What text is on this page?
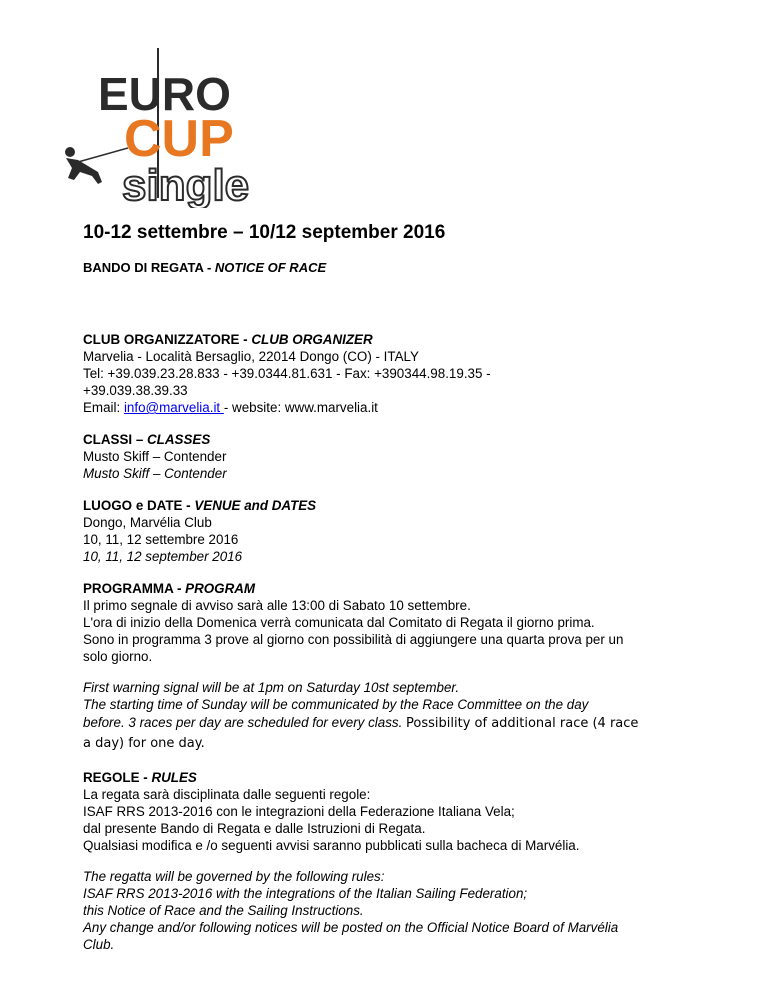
EURO
CUP
single
10-12 settembre – 10/12 september 2016
BANDO DI REGATA - NOTICE OF RACE
CLUB ORGANIZZATORE - CLUB ORGANIZER

Marvelia - Località Bersaglio, 22014 Dongo (CO) - ITALY

Tel: +39.039.23.28.833 - +39.0344.81.631 - Fax: +390344.98.19.35 -

+39.039.38.39.33

Email: info@marvelia.it - website: www.marvelia.it

CLASSI – CLASSES

Musto Skiff – Contender

Musto Skiff – Contender

LUOGO e DATE - VENUE and DATES

Dongo, Marvélia Club

10, 11, 12 settembre 2016

10, 11, 12 september 2016

PROGRAMMA - PROGRAM

Il primo segnale di avviso sarà alle 13:00 di Sabato 10 settembre.

L'ora di inizio della Domenica verrà comunicata dal Comitato di Regata il giorno prima.

Sono in programma 3 prove al giorno con possibilità di aggiungere una quarta prova per un

solo giorno.

First warning signal will be at 1pm on Saturday 10st september.

The starting time of Sunday will be communicated by the Race Committee on the day

before. 3 races per day are scheduled for every class. Possibility of additional race (4 race

a day) for one day.

REGOLE - RULES

La regata sarà disciplinata dalle seguenti regole:

ISAF RRS 2013-2016 con le integrazioni della Federazione Italiana Vela;

dal presente Bando di Regata e dalle Istruzioni di Regata.

Qualsiasi modifica e /o seguenti avvisi saranno pubblicati sulla bacheca di Marvélia.

The regatta will be governed by the following rules:

ISAF RRS 2013-2016 with the integrations of the Italian Sailing Federation;

this Notice of Race and the Sailing Instructions.

Any change and/or following notices will be posted on the Official Notice Board of Marvélia

Club.
